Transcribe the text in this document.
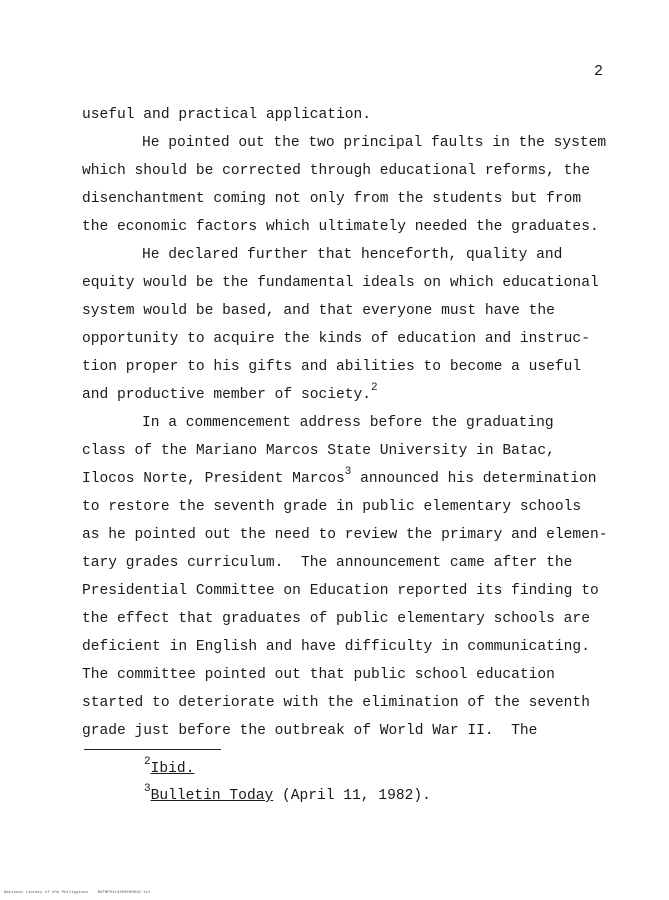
2
useful and practical application.
He pointed out the two principal faults in the system
which should be corrected through educational reforms, the
disenchantment coming not only from the students but from
the economic factors which ultimately needed the graduates.
He declared further that henceforth, quality and
equity would be the fundamental ideals on which educational
system would be based, and that everyone must have the
opportunity to acquire the kinds of education and instruc-
tion proper to his gifts and abilities to become a useful
and productive member of society.$^2$
In a commencement address before the graduating
class of the Mariano Marcos State University in Batac,
Ilocos Norte, President Marcos$^3$ announced his determination
to restore the seventh grade in public elementary schools
as he pointed out the need to review the primary and elemen-
tary grades curriculum.  The announcement came after the
Presidential Committee on Education reported its finding to
the effect that graduates of public elementary schools are
deficient in English and have difficulty in communicating.
The committee pointed out that public school education
started to deteriorate with the elimination of the seventh
grade just before the outbreak of World War II.  The
$^2$Ibid.
$^3$Bulletin Today (April 11, 1982).
National Library of the Philippines    RUTMP0114400500010 tif
